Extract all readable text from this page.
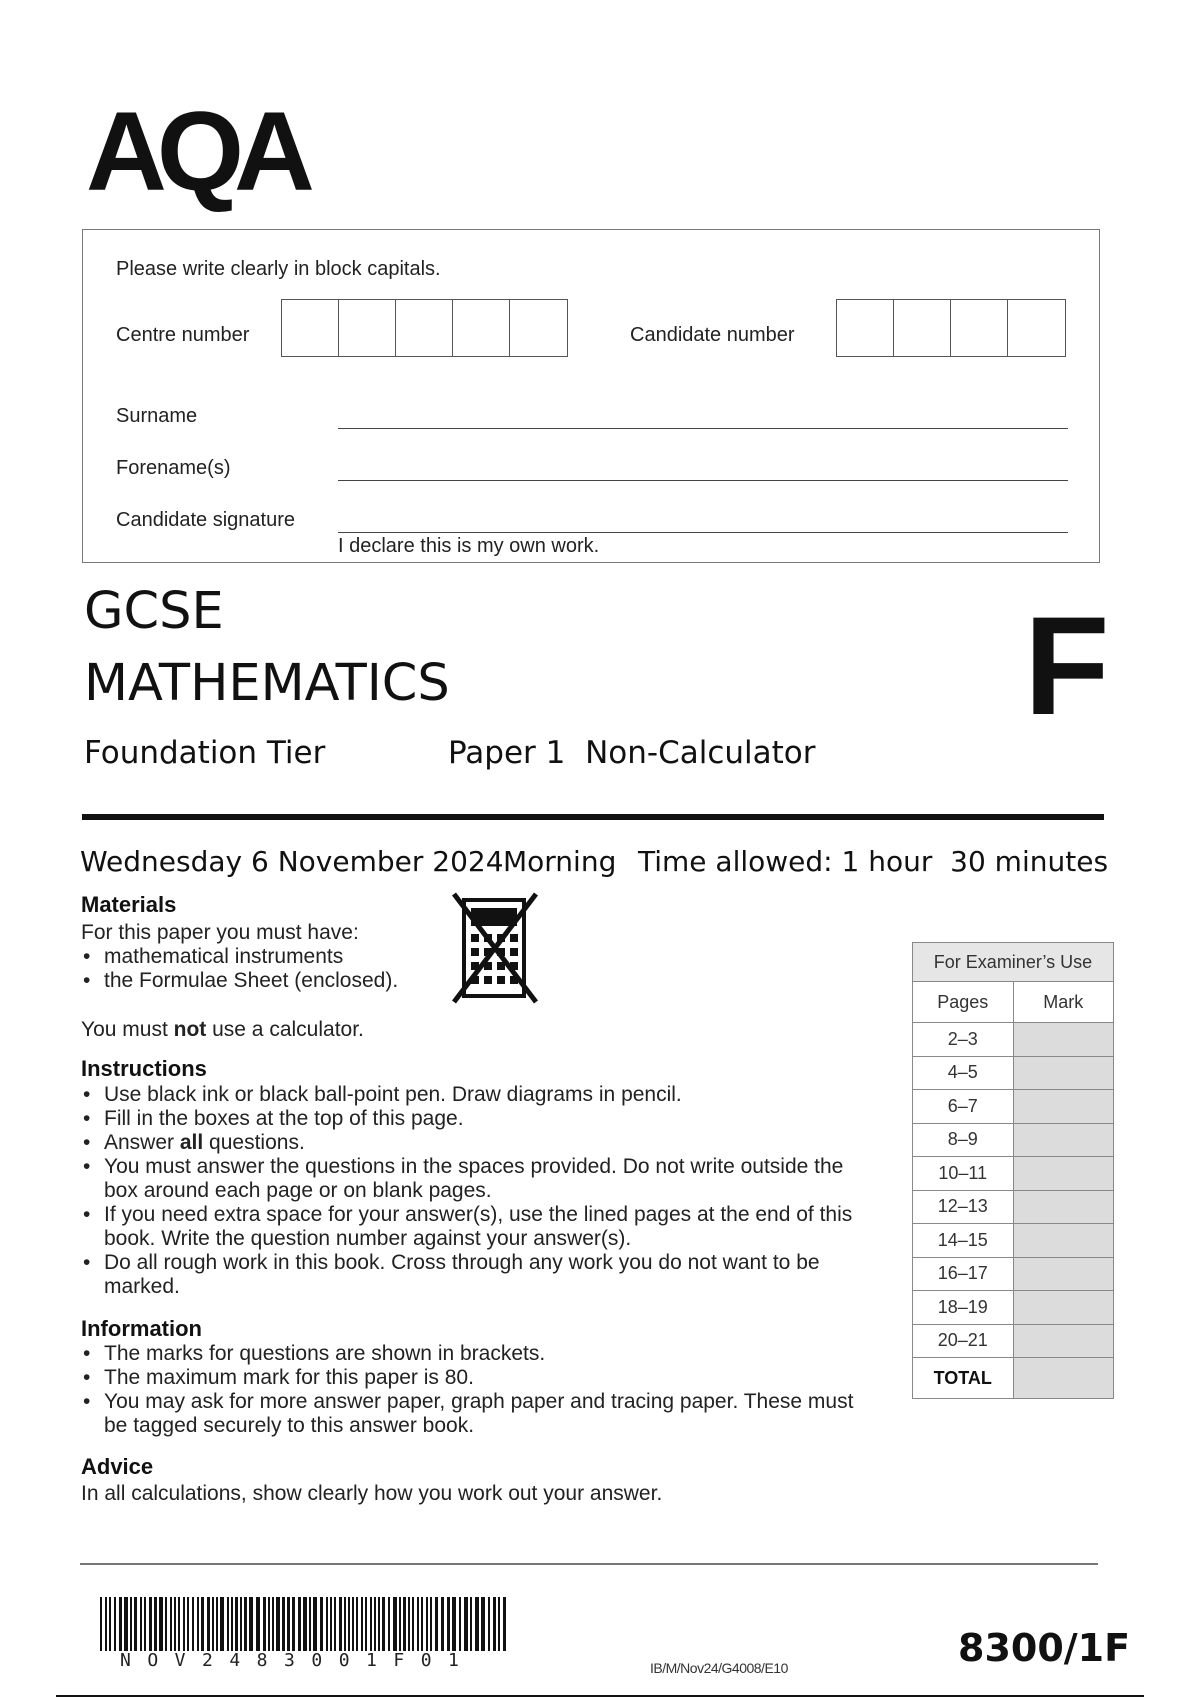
AQA
Please write clearly in block capitals.
Centre number	Candidate number
Surname
Forename(s)
Candidate signature
I declare this is my own work.
GCSE
MATHEMATICS
Foundation Tier	Paper 1  Non-Calculator
F
Wednesday 6 November 2024 Morning Time allowed: 1 hour  30 minutes
Materials
For this paper you must have:
• mathematical instruments
• the Formulae Sheet (enclosed).
You must not use a calculator.
Instructions
• Use black ink or black ball-point pen. Draw diagrams in pencil.
• Fill in the boxes at the top of this page.
• Answer all questions.
• You must answer the questions in the spaces provided. Do not write outside the box around each page or on blank pages.
• If you need extra space for your answer(s), use the lined pages at the end of this book. Write the question number against your answer(s).
• Do all rough work in this book. Cross through any work you do not want to be marked.
Information
• The marks for questions are shown in brackets.
• The maximum mark for this paper is 80.
• You may ask for more answer paper, graph paper and tracing paper. These must be tagged securely to this answer book.
Advice
In all calculations, show clearly how you work out your answer.
For Examiner’s Use	
Pages	Mark
2–3	
4–5	
6–7	
8–9	
10–11	
12–13	
14–15	
16–17	
18–19	
20–21	
TOTAL	
NOV2483001F01	IB/M/Nov24/G4008/E10	8300/1F
